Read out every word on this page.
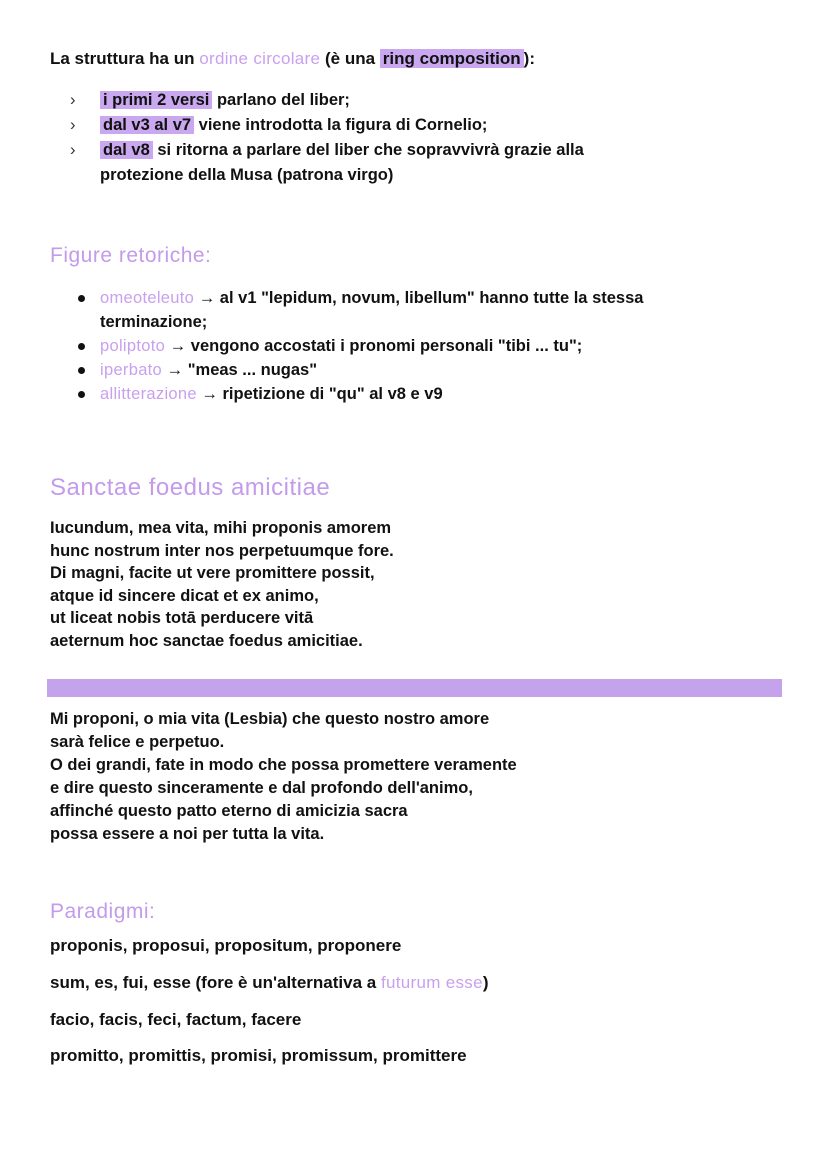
La struttura ha un ordine circolare (è una ring composition ):
› i primi 2 versi parlano del liber;
› dal v3 al v7 viene introdotta la figura di Cornelio;
› dal v8 si ritorna a parlare del liber che sopravvivrà grazie alla
protezione della Musa (patrona virgo)
Figure retoriche:
omeoteleuto → al v1 "lepidum, novum, libellum" hanno tutte la stessa
terminazione;
poliptoto → vengono accostati i pronomi personali "tibi ... tu";
iperbato → "meas ... nugas"
allitterazione → ripetizione di "qu" al v8 e v9
Sanctae foedus amicitiae
Iucundum, mea vita, mihi proponis amorem
hunc nostrum inter nos perpetuumque fore.
Di magni, facite ut vere promittere possit,
atque id sincere dicat et ex animo,
ut liceat nobis totā perducere vitā
aeternum hoc sanctae foedus amicitiae.
Mi proponi, o mia vita (Lesbia) che questo nostro amore
sarà felice e perpetuo.
O dei grandi, fate in modo che possa promettere veramente
e dire questo sinceramente e dal profondo dell'animo,
affinché questo patto eterno di amicizia sacra
possa essere a noi per tutta la vita.
Paradigmi:
proponis, proposui, propositum, proponere
sum, es, fui, esse (fore è un'alternativa a futurum esse)
facio, facis, feci, factum, facere
promitto, promittis, promisi, promissum, promittere
